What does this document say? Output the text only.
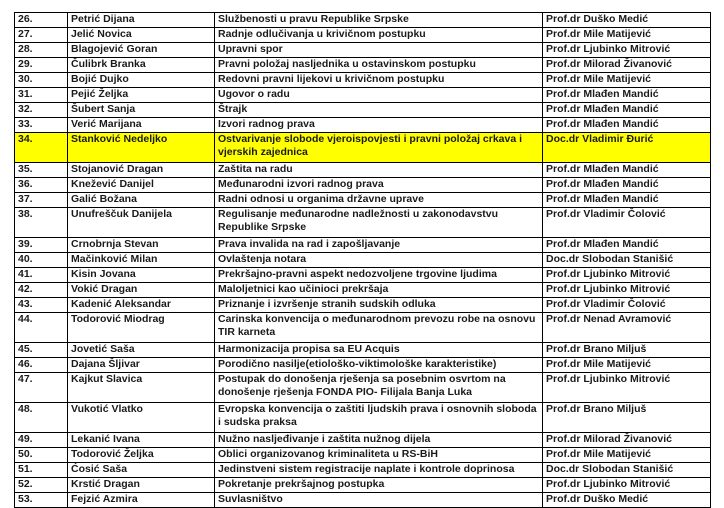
26.	Petrić Dijana	Službenosti u pravu Republike Srpske	Prof.dr Duško Medić
27.	Jelić Novica	Radnje odlučivanja u krivičnom postupku	Prof.dr Mile Matijević
28.	Blagojević Goran	Upravni spor	Prof.dr Ljubinko Mitrović
29.	Čulibrk Branka	Pravni položaj nasljednika u ostavinskom postupku	Prof.dr Milorad Živanović
30.	Bojić Dujko	Redovni pravni lijekovi u krivičnom postupku	Prof.dr Mile Matijević
31.	Pejić Željka	Ugovor o radu	Prof.dr Mlađen Mandić
32.	Šubert Sanja	Štrajk	Prof.dr Mlađen Mandić
33.	Verić Marijana	Izvori radnog prava	Prof.dr Mlađen Mandić
34.	Stanković Nedeljko	Ostvarivanje slobode vjeroispovjesti i pravni položaj crkava i vjerskih zajednica	Doc.dr Vladimir Đurić
35.	Stojanović Dragan	Zaštita na radu	Prof.dr Mlađen Mandić
36.	Knežević Danijel	Međunarodni izvori radnog prava	Prof.dr Mlađen Mandić
37.	Galić Božana	Radni odnosi u organima državne uprave	Prof.dr Mlađen Mandić
38.	Unufreščuk Danijela	Regulisanje međunarodne nadležnosti u zakonodavstvu Republike Srpske	Prof.dr Vladimir Čolović
39.	Crnobrnja Stevan	Prava invalida na rad i zapošljavanje	Prof.dr Mlađen Mandić
40.	Mačinković Milan	Ovlaštenja notara	Doc.dr Slobodan Stanišić
41.	Kisin Jovana	Prekršajno-pravni aspekt nedozvoljene trgovine ljudima	Prof.dr Ljubinko Mitrović
42.	Vokić Dragan	Maloljetnici kao učinioci prekršaja	Prof.dr Ljubinko Mitrović
43.	Kadenić Aleksandar	Priznanje i izvršenje stranih sudskih odluka	Prof.dr Vladimir Čolović
44.	Todorović Miodrag	Carinska konvencija o međunarodnom prevozu robe na osnovu TIR karneta	Prof.dr Nenad Avramović
45.	Jovetić Saša	Harmonizacija propisa sa EU Acquis	Prof.dr Brano Miljuš
46.	Dajana Šljivar	Porodično nasilje(etiološko-viktimološke karakteristike)	Prof.dr Mile Matijević
47.	Kajkut Slavica	Postupak do donošenja rješenja sa posebnim osvrtom na donošenje rješenja FONDA PIO- Filijala Banja Luka	Prof.dr Ljubinko Mitrović
48.	Vukotić Vlatko	Evropska konvencija o zaštiti ljudskih prava i osnovnih sloboda i sudska praksa	Prof.dr Brano Miljuš
49.	Lekanić Ivana	Nužno nasljeđivanje i zaštita nužnog dijela	Prof.dr Milorad Živanović
50.	Todorović Željka	Oblici organizovanog kriminaliteta u RS-BiH	Prof.dr Mile Matijević
51.	Ćosić Saša	Jedinstveni sistem registracije naplate i kontrole doprinosa	Doc.dr Slobodan Stanišić
52.	Krstić Dragan	Pokretanje prekršajnog postupka	Prof.dr Ljubinko Mitrović
53.	Fejzić Azmira	Suvlasništvo	Prof.dr Duško Medić
